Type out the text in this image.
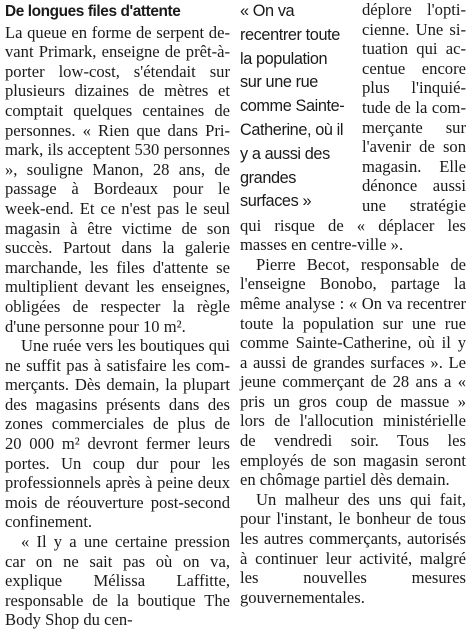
De longues files d'attente

La queue en forme de serpent devant Primark, enseigne de prêt-àporter low-cost, s'étendait sur plusieurs dizaines de mètres et comptait quelques centaines de personnes. « Rien que dans Primark, ils acceptent 530 personnes », souligne Manon, 28 ans, de passage à Bordeaux pour le week-end. Et ce n'est pas le seul magasin à être victime de son succès. Partout dans la galerie marchande, les files d'attente se multiplient devant les enseignes, obligées de respecter la règle d'une personne pour 10 m².

Une ruée vers les boutiques qui ne suffit pas à satisfaire les commerçants. Dès demain, la plupart des magasins présents dans des zones commerciales de plus de 20 000 m² devront fermer leurs portes. Un coup dur pour les professionnels après à peine deux mois de réouverture post-second confinement.

« Il y a une certaine pression car on ne sait pas où on va, explique Mélissa Laffitte, responsable de la boutique The Body Shop du cen-

« On va
recentrer toute
la population
sur une rue
comme Sainte-
Catherine, où il
y a aussi des
grandes
surfaces »

déplore l'opticienne. Une situation qui accentue encore plus l'inquiétude de la commerçante sur l'avenir de son magasin. Elle dénonce aussi une stratégie qui risque de « déplacer les masses en centre-ville ».

Pierre Becot, responsable de l'enseigne Bonobo, partage la même analyse : « On va recentrer toute la population sur une rue comme Sainte-Catherine, où il y a aussi de grandes surfaces ». Le jeune commerçant de 28 ans a « pris un gros coup de massue » lors de l'allocution ministérielle de vendredi soir. Tous les employés de son magasin seront en chômage partiel dès demain.

Un malheur des uns qui fait, pour l'instant, le bonheur de tous les autres commerçants, autorisés à continuer leur activité, malgré les nouvelles mesures gouvernementales.
